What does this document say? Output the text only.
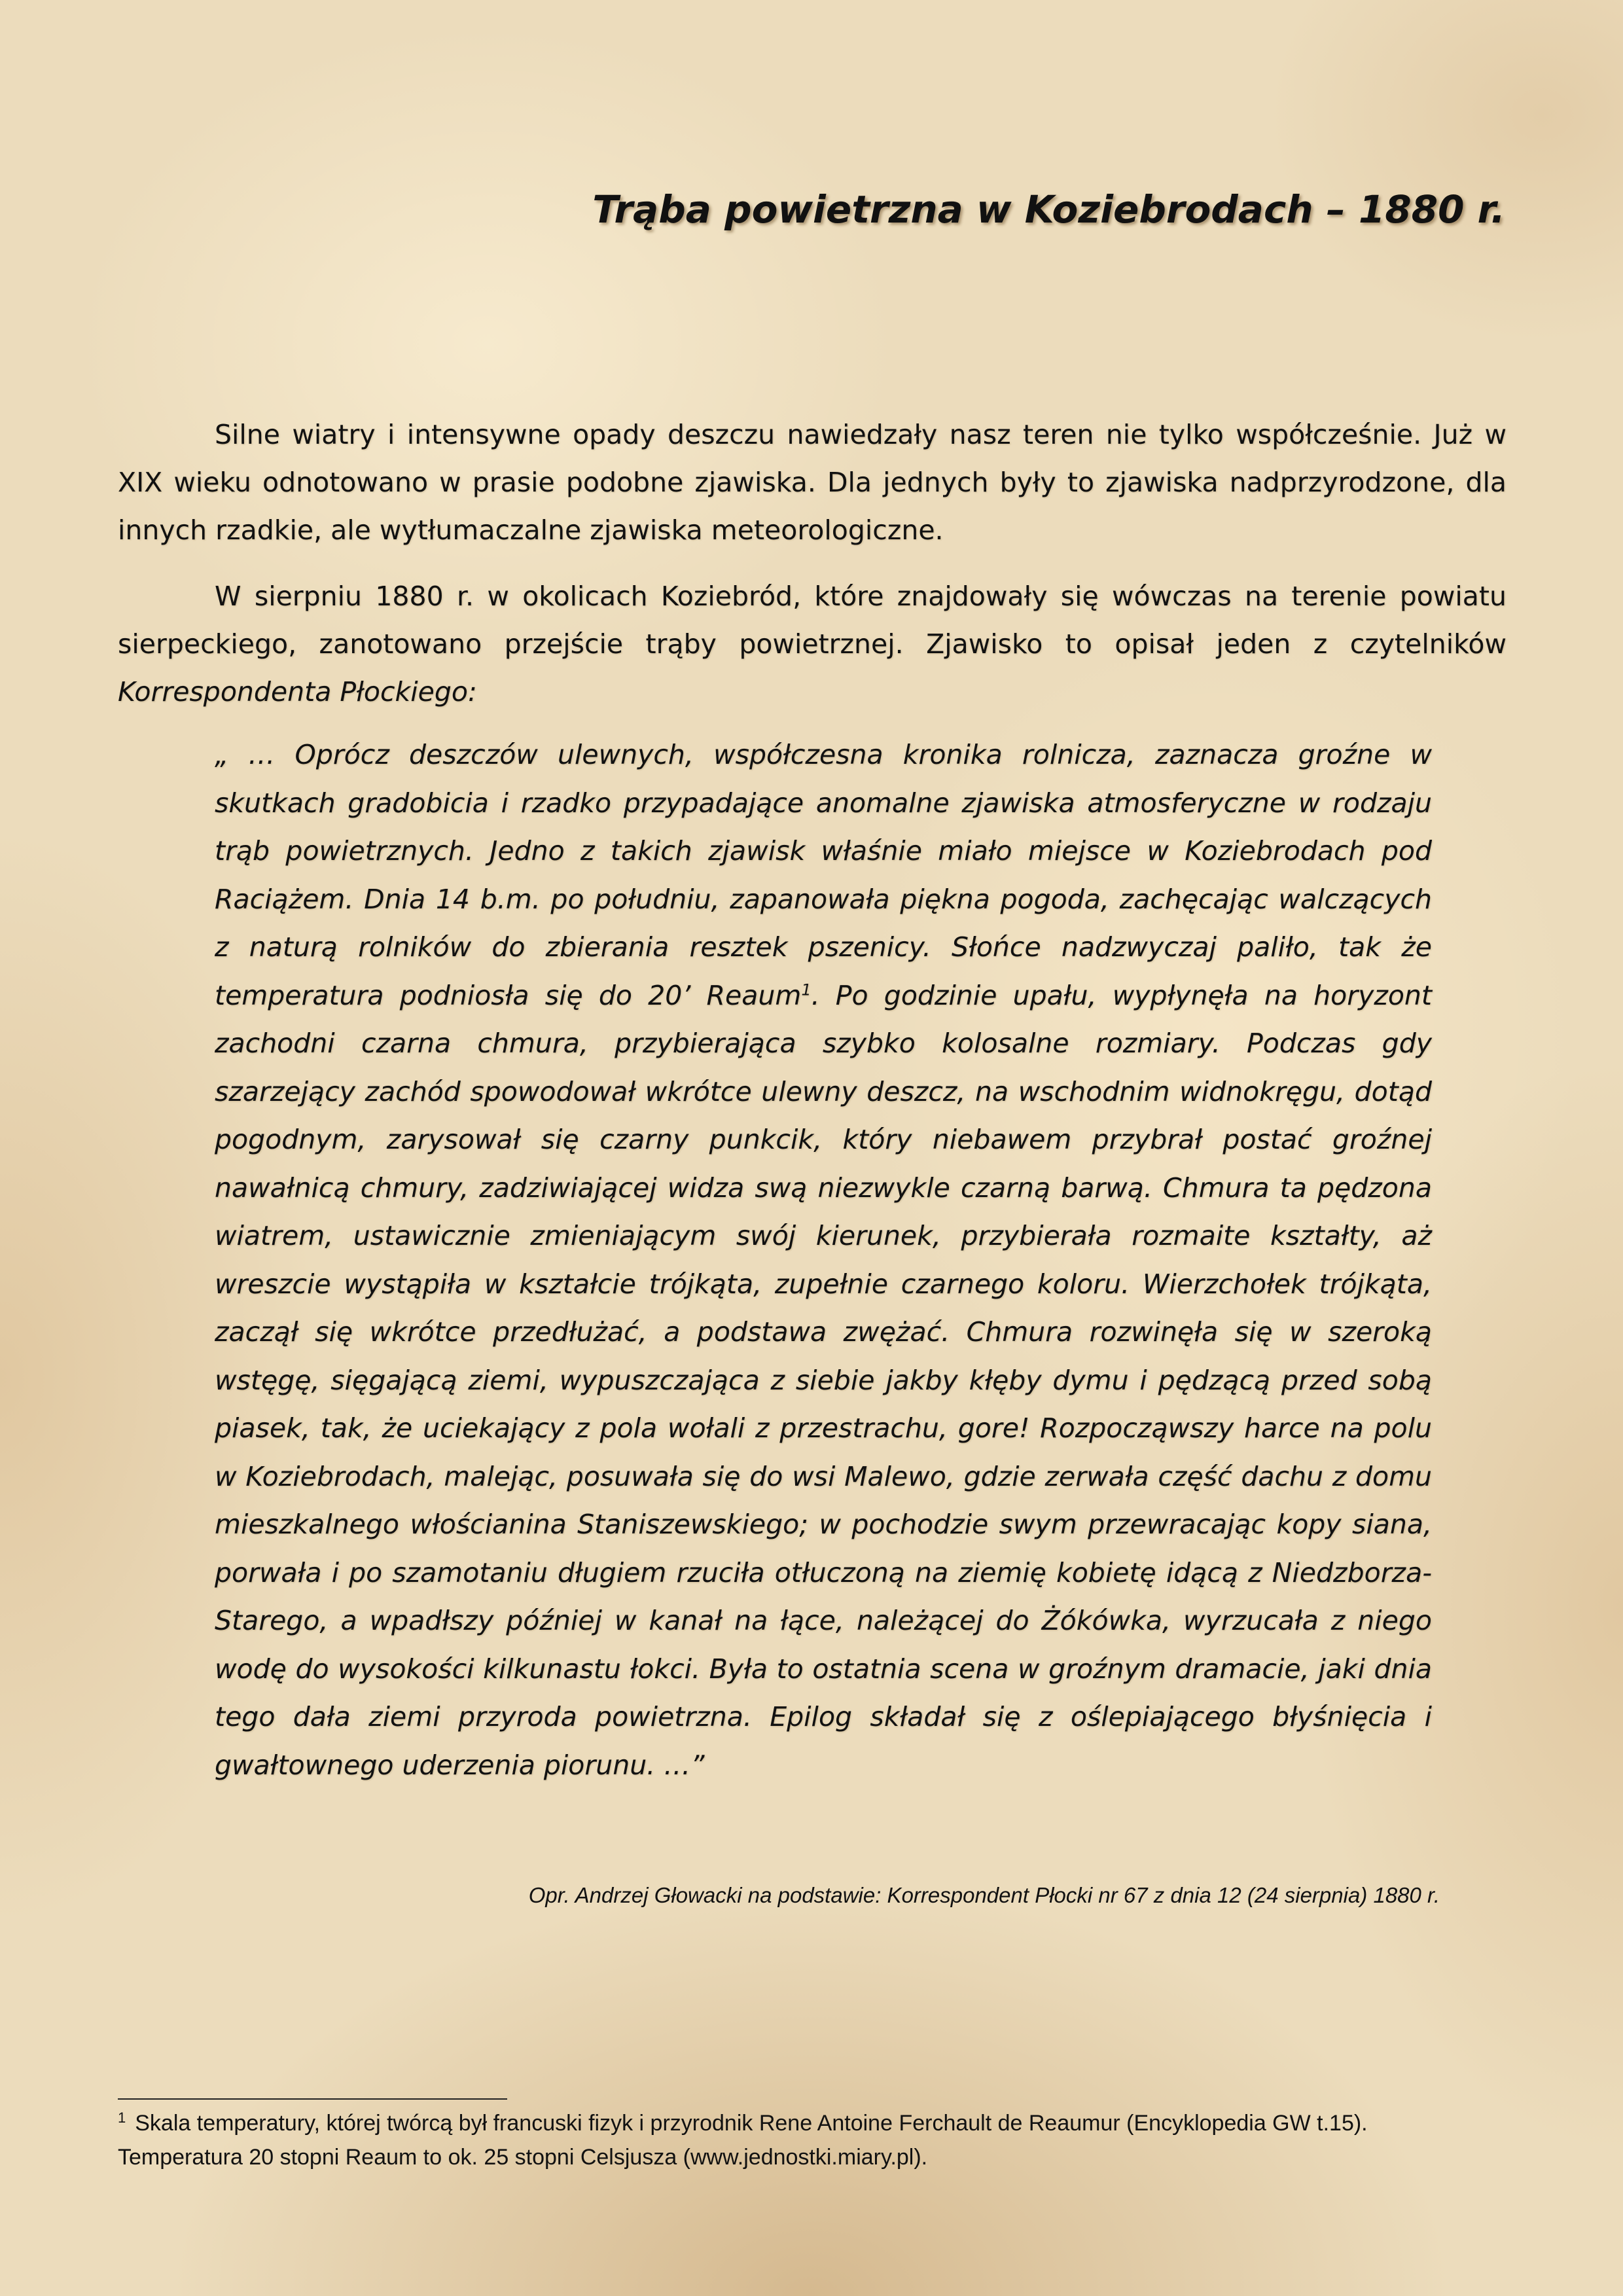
Trąba powietrzna w Koziebrodach – 1880 r.

Silne wiatry i intensywne opady deszczu nawiedzały nasz teren nie tylko współcześnie. Już w XIX wieku odnotowano w prasie podobne zjawiska. Dla jednych były to zjawiska nadprzyrodzone, dla innych rzadkie, ale wytłumaczalne zjawiska meteorologiczne.

W sierpniu 1880 r. w okolicach Koziebród, które znajdowały się wówczas na terenie powiatu sierpeckiego, zanotowano przejście trąby powietrznej. Zjawisko to opisał jeden z czytelników Korrespondenta Płockiego:

„ … Oprócz deszczów ulewnych, współczesna kronika rolnicza, zaznacza groźne w skutkach gradobicia i rzadko przypadające anomalne zjawiska atmosferyczne w rodzaju trąb powietrznych. Jedno z takich zjawisk właśnie miało miejsce w Koziebrodach pod Raciążem. Dnia 14 b.m. po południu, zapanowała piękna pogoda, zachęcając walczących z naturą rolników do zbierania resztek pszenicy. Słońce nadzwyczaj paliło, tak że temperatura podniosła się do 20’ Reaum$^1$. Po godzinie upału, wypłynęła na horyzont zachodni czarna chmura, przybierająca szybko kolosalne rozmiary. Podczas gdy szarzejący zachód spowodował wkrótce ulewny deszcz, na wschodnim widnokręgu, dotąd pogodnym, zarysował się czarny punkcik, który niebawem przybrał postać groźnej nawałnicą chmury, zadziwiającej widza swą niezwykle czarną barwą. Chmura ta pędzona wiatrem, ustawicznie zmieniającym swój kierunek, przybierała rozmaite kształty, aż wreszcie wystąpiła w kształcie trójkąta, zupełnie czarnego koloru. Wierzchołek trójkąta, zaczął się wkrótce przedłużać, a podstawa zwężać. Chmura rozwinęła się w szeroką wstęgę, sięgającą ziemi, wypuszczająca z siebie jakby kłęby dymu i pędzącą przed sobą piasek, tak, że uciekający z pola wołali z przestrachu, gore! Rozpocząwszy harce na polu w Koziebrodach, malejąc, posuwała się do wsi Malewo, gdzie zerwała część dachu z domu mieszkalnego włościanina Staniszewskiego; w pochodzie swym przewracając kopy siana, porwała i po szamotaniu długiem rzuciła otłuczoną na ziemię kobietę idącą z Niedzborza-Starego, a wpadłszy później w kanał na łące, należącej do Żókówka, wyrzucała z niego wodę do wysokości kilkunastu łokci. Była to ostatnia scena w groźnym dramacie, jaki dnia tego dała ziemi przyroda powietrzna. Epilog składał się z oślepiającego błyśnięcia i gwałtownego uderzenia piorunu. …”

Opr. Andrzej Głowacki na podstawie: Korrespondent Płocki nr 67 z dnia 12 (24 sierpnia) 1880 r.

$^1$ Skala temperatury, której twórcą był francuski fizyk i przyrodnik Rene Antoine Ferchault de Reaumur (Encyklopedia GW t.15). Temperatura 20 stopni Reaum to ok. 25 stopni Celsjusza (www.jednostki.miary.pl).
